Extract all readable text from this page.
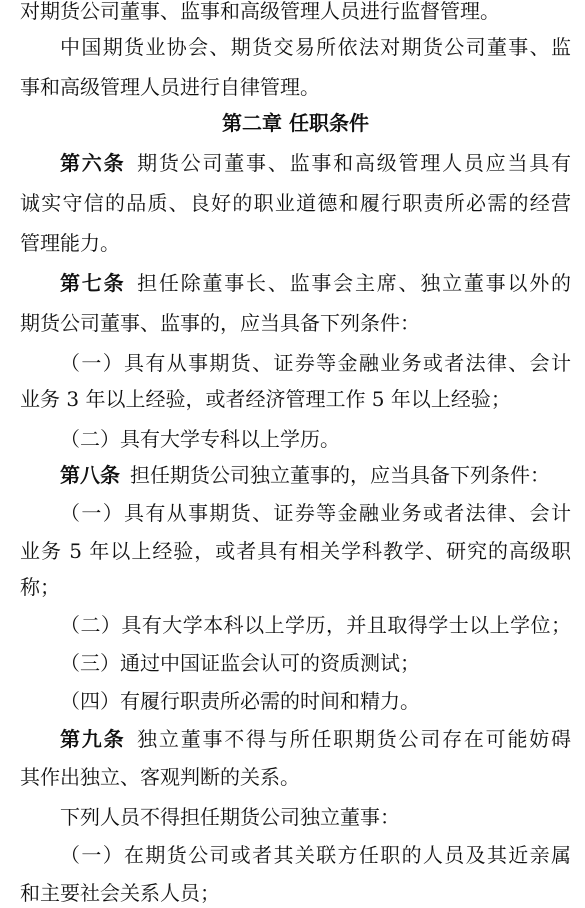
对期货公司董事、监事和高级管理人员进行监督管理。
中国期货业协会、期货交易所依法对期货公司董事、监
事和高级管理人员进行自律管理。
第二章 任职条件
第六条  期货公司董事、监事和高级管理人员应当具有
诚实守信的品质、良好的职业道德和履行职责所必需的经营
管理能力。
第七条  担任除董事长、监事会主席、独立董事以外的
期货公司董事、监事的，应当具备下列条件：
（一）具有从事期货、证券等金融业务或者法律、会计
业务 3 年以上经验，或者经济管理工作 5 年以上经验；
（二）具有大学专科以上学历。
第八条  担任期货公司独立董事的，应当具备下列条件：
（一）具有从事期货、证券等金融业务或者法律、会计
业务 5 年以上经验，或者具有相关学科教学、研究的高级职
称；
（二）具有大学本科以上学历，并且取得学士以上学位；
（三）通过中国证监会认可的资质测试；
（四）有履行职责所必需的时间和精力。
第九条  独立董事不得与所任职期货公司存在可能妨碍
其作出独立、客观判断的关系。
下列人员不得担任期货公司独立董事：
（一）在期货公司或者其关联方任职的人员及其近亲属
和主要社会关系人员；
